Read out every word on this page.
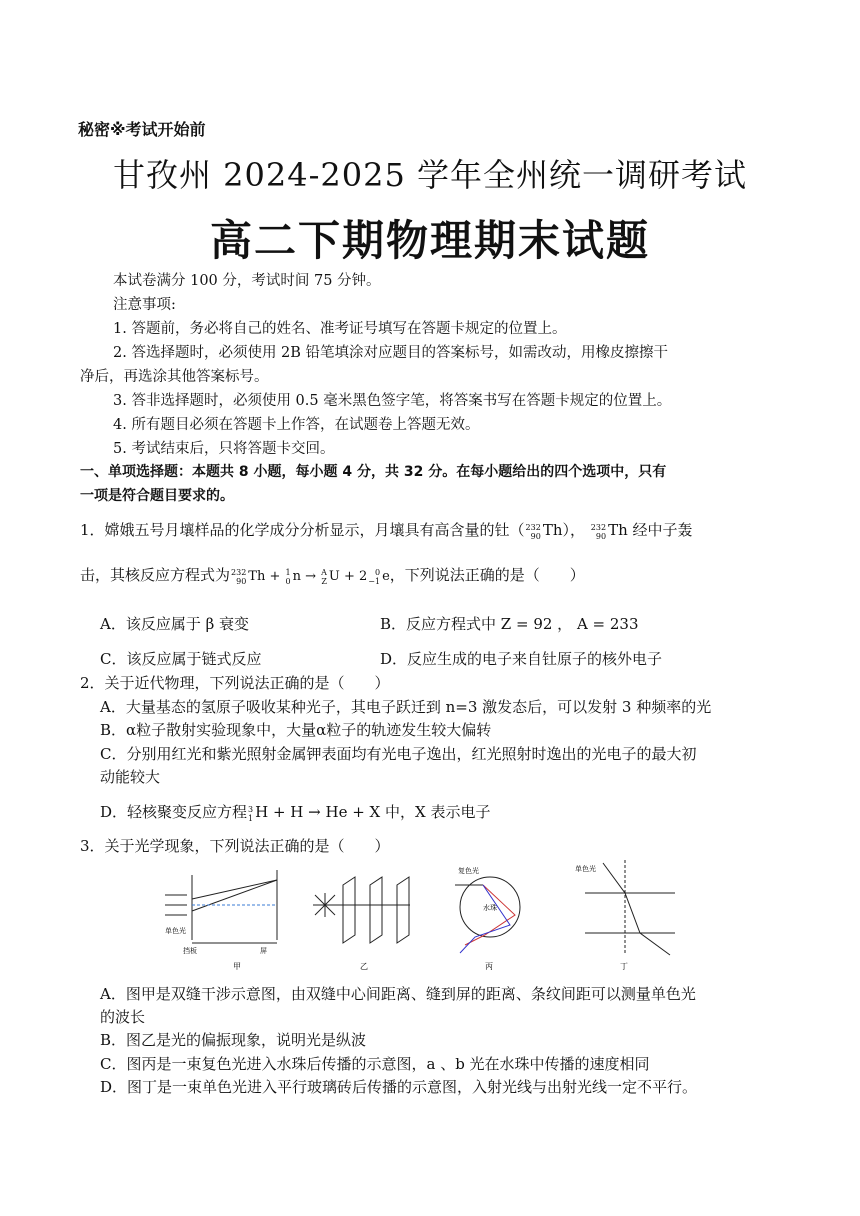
秘密※考试开始前
甘孜州 2024-2025 学年全州统一调研考试
高二下期物理期末试题
本试卷满分 100 分，考试时间 75 分钟。
注意事项:
1. 答题前，务必将自己的姓名、准考证号填写在答题卡规定的位置上。
2. 答选择题时，必须使用 2B 铅笔填涂对应题目的答案标号，如需改动，用橡皮擦擦干
净后，再选涂其他答案标号。
3. 答非选择题时，必须使用 0.5 毫米黑色签字笔，将答案书写在答题卡规定的位置上。
4. 所有题目必须在答题卡上作答，在试题卷上答题无效。
5. 考试结束后，只将答题卡交回。
一、单项选择题：本题共 8 小题，每小题 4 分，共 32 分。在每小题给出的四个选项中，只有
一项是符合题目要求的。
1．嫦娥五号月壤样品的化学成分分析显示，月壤具有高含量的钍（ 232
90 Th）， 232
90 Th 经中子轰
击，其核反应方程式为 232
90 Th + 1
0 n → A
Z U + 2 0
−1 e，下列说法正确的是（　　）
A．该反应属于 β 衰变	B．反应方程式中 Z = 92 ， A = 233
C．该反应属于链式反应	D．反应生成的电子来自钍原子的核外电子
2．关于近代物理，下列说法正确的是（　　）
A．大量基态的氢原子吸收某种光子，其电子跃迁到 n=3 激发态后，可以发射 3 种频率的光
B．α粒子散射实验现象中，大量α粒子的轨迹发生较大偏转
C．分别用红光和紫光照射金属钾表面均有光电子逸出，红光照射时逸出的光电子的最大初
动能较大
D．轻核聚变反应方程 3
1 H + H → He + X 中，X 表示电子
3．关于光学现象，下列说法正确的是（　　）
单色光
挡板	屏
甲	乙
复色光
水珠
丙
单色光
丁
A．图甲是双缝干涉示意图，由双缝中心间距离、缝到屏的距离、条纹间距可以测量单色光
的波长
B．图乙是光的偏振现象，说明光是纵波
C．图丙是一束复色光进入水珠后传播的示意图，a 、b 光在水珠中传播的速度相同
D．图丁是一束单色光进入平行玻璃砖后传播的示意图，入射光线与出射光线一定不平行。
